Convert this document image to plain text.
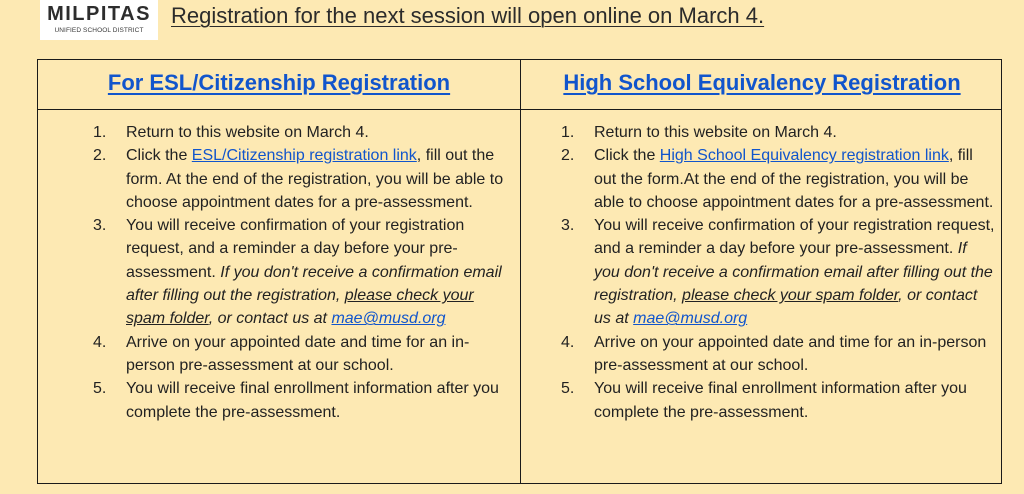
MILPITAS
UNIFIED SCHOOL DISTRICT
Registration for the next session will open online on March 4.
For ESL/Citizenship Registration	High School Equivalency Registration
1. Return to this website on March 4.
2. Click the ESL/Citizenship registration link, fill out the form. At the end of the registration, you will be able to choose appointment dates for a pre-assessment.
3. You will receive confirmation of your registration request, and a reminder a day before your pre-assessment. If you don't receive a confirmation email after filling out the registration, please check your spam folder, or contact us at mae@musd.org
4. Arrive on your appointed date and time for an in-person pre-assessment at our school.
5. You will receive final enrollment information after you complete the pre-assessment.
1. Return to this website on March 4.
2. Click the High School Equivalency registration link, fill out the form.At the end of the registration, you will be able to choose appointment dates for a pre-assessment.
3. You will receive confirmation of your registration request, and a reminder a day before your pre-assessment. If you don't receive a confirmation email after filling out the registration, please check your spam folder, or contact us at mae@musd.org
4. Arrive on your appointed date and time for an in-person pre-assessment at our school.
5. You will receive final enrollment information after you complete the pre-assessment.
